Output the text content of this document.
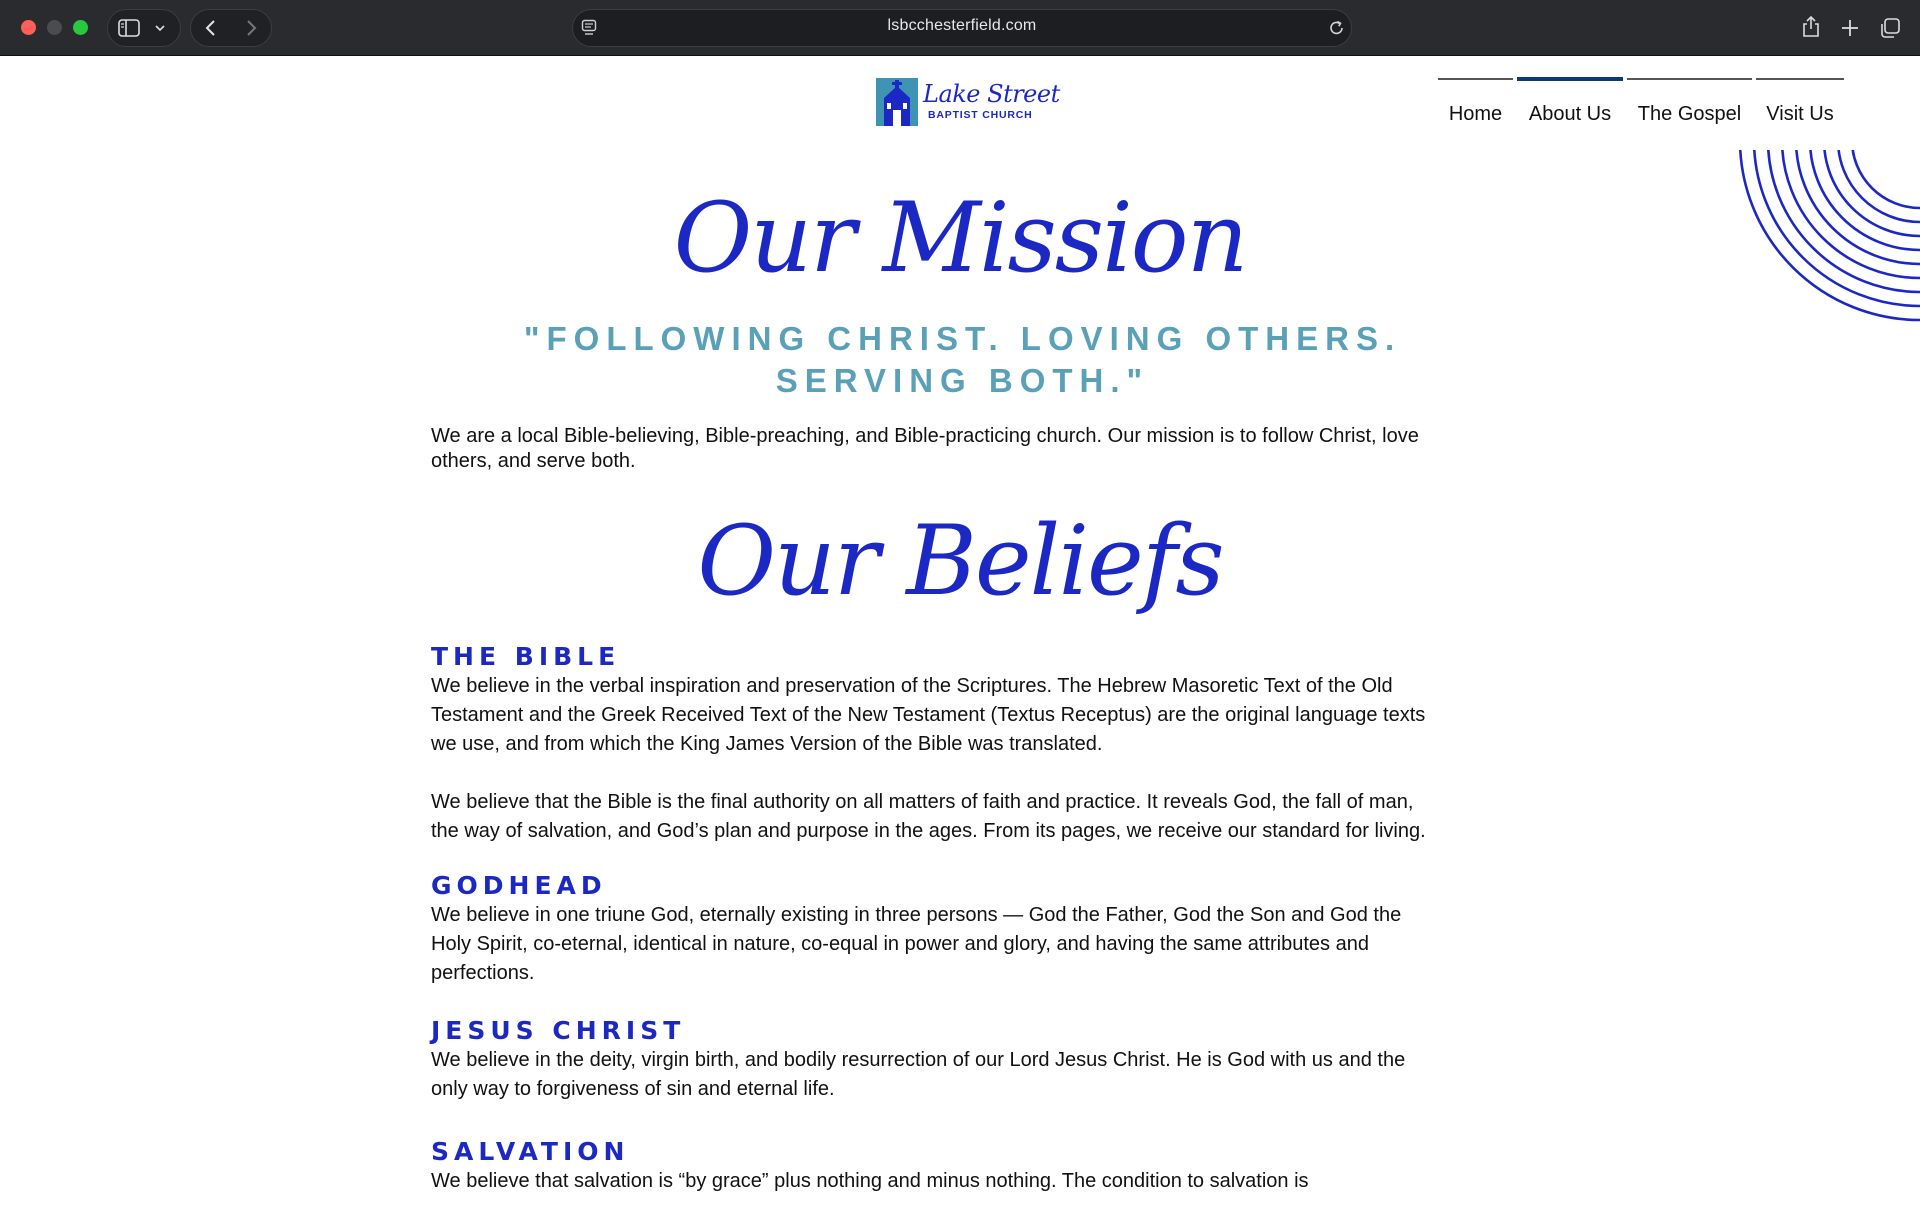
lsbcchesterfield.com
Lake Street
BAPTIST CHURCH	Home	About Us	The Gospel	Visit Us
Our Mission
"FOLLOWING CHRIST. LOVING OTHERS.
SERVING BOTH."
We are a local Bible-believing, Bible-preaching, and Bible-practicing church. Our mission is to follow Christ, love
others, and serve both.
Our Beliefs
THE BIBLE
We believe in the verbal inspiration and preservation of the Scriptures. The Hebrew Masoretic Text of the Old
Testament and the Greek Received Text of the New Testament (Textus Receptus) are the original language texts
we use, and from which the King James Version of the Bible was translated.
We believe that the Bible is the final authority on all matters of faith and practice. It reveals God, the fall of man,
the way of salvation, and God’s plan and purpose in the ages. From its pages, we receive our standard for living.
GODHEAD
We believe in one triune God, eternally existing in three persons — God the Father, God the Son and God the
Holy Spirit, co-eternal, identical in nature, co-equal in power and glory, and having the same attributes and
perfections.
JESUS CHRIST
We believe in the deity, virgin birth, and bodily resurrection of our Lord Jesus Christ. He is God with us and the
only way to forgiveness of sin and eternal life.
SALVATION
We believe that salvation is “by grace” plus nothing and minus nothing. The condition to salvation is
